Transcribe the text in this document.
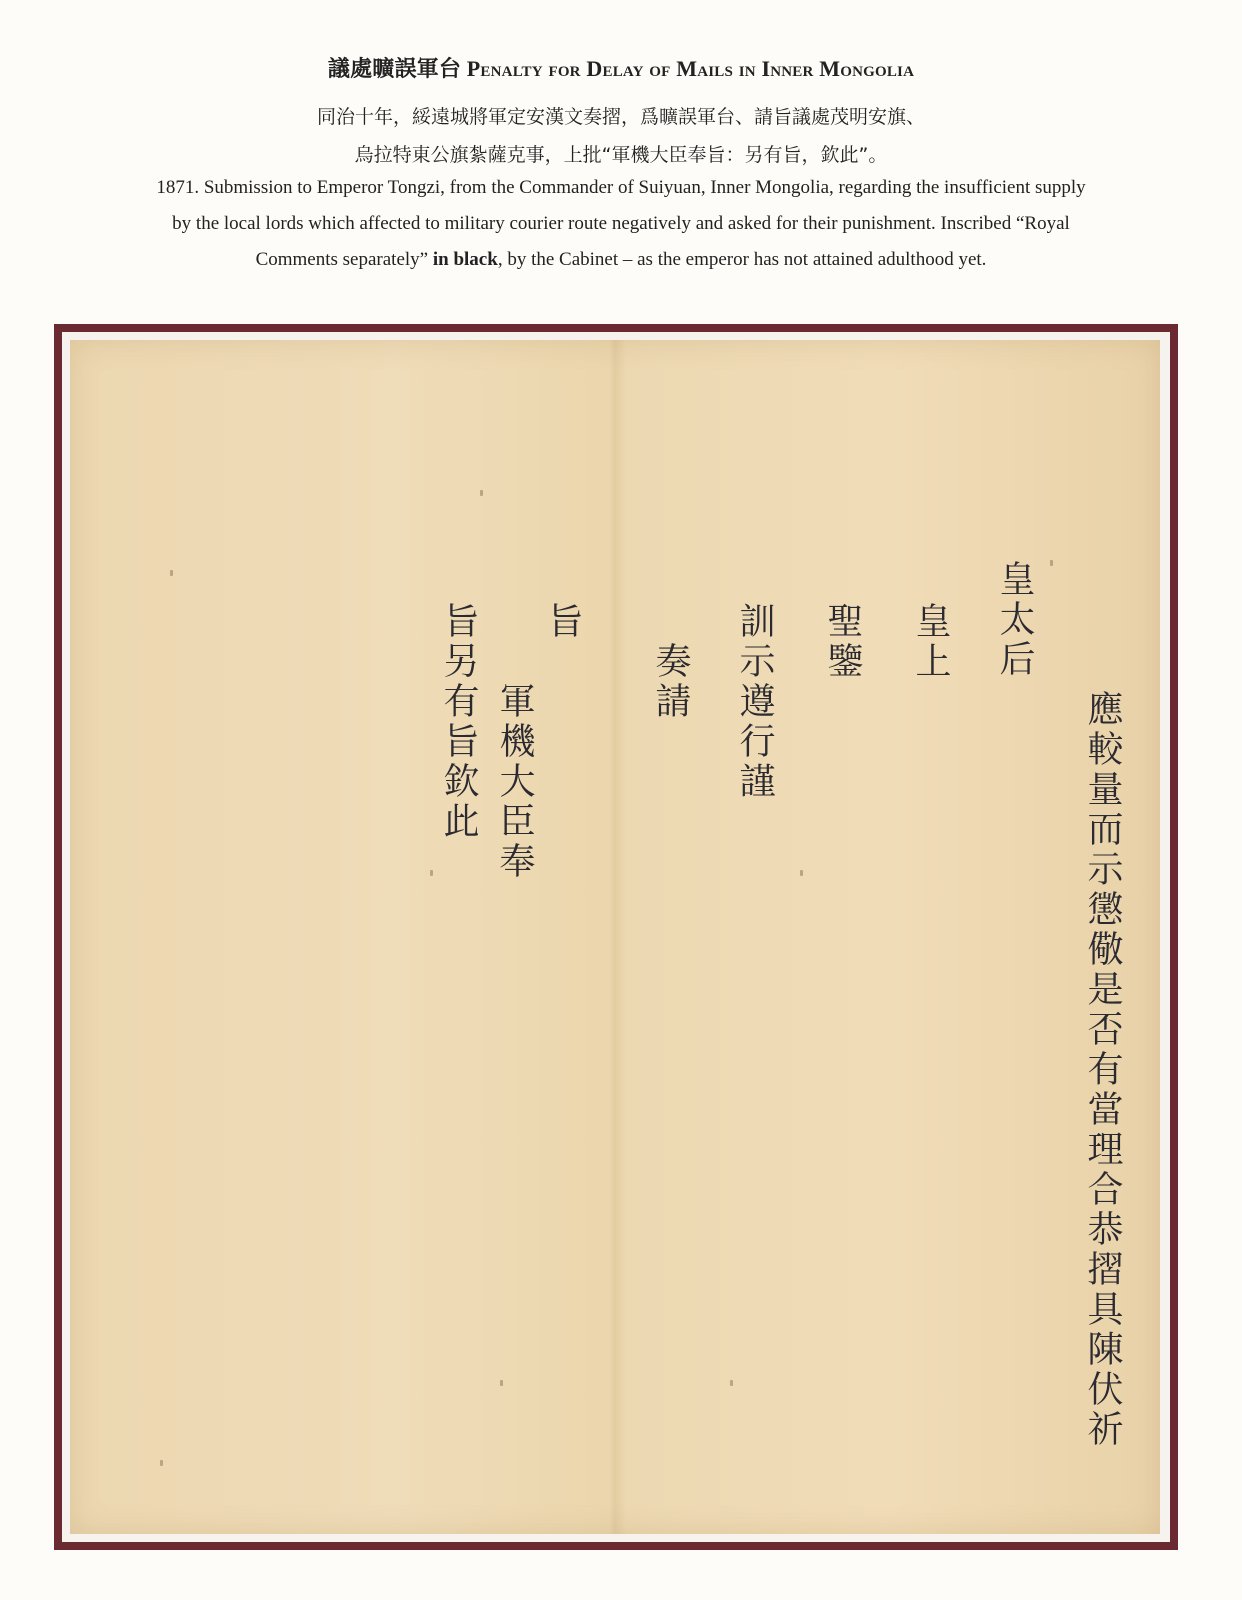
議處曠誤軍台 Penalty for Delay of Mails in Inner Mongolia
同治十年，綏遠城將軍定安漢文奏摺，爲曠誤軍台、請旨議處茂明安旗、
烏拉特東公旗紮薩克事，上批“軍機大臣奉旨：另有旨，欽此”。
1871. Submission to Emperor Tongzi, from the Commander of Suiyuan, Inner Mongolia, regarding the insufficient supply by the local lords which affected to military courier route negatively and asked for their punishment. Inscribed “Royal Comments separately” in black, by the Cabinet – as the emperor has not attained adulthood yet.
應較量而示懲儆是否有當理合恭摺具陳伏祈
皇太后
皇上
聖鑒
訓示遵行謹
奏請
旨
軍機大臣奉
旨另有旨欽此
